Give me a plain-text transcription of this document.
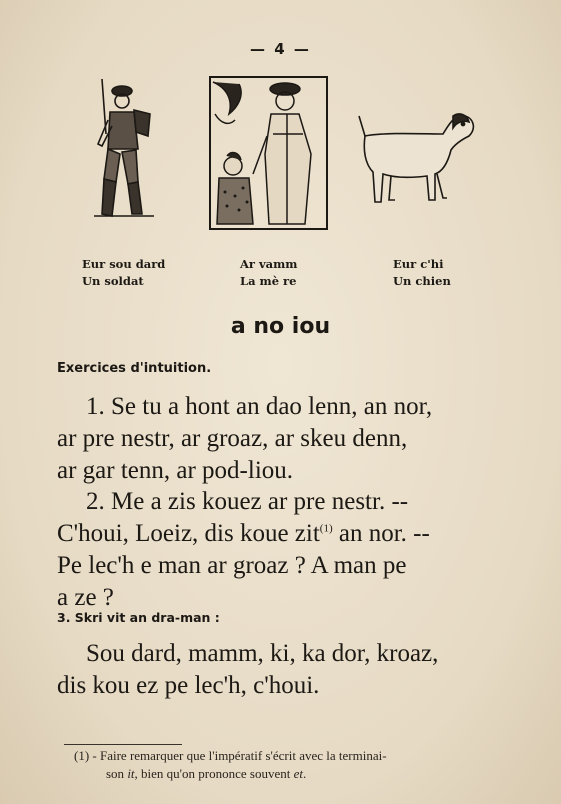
— 4 —
Eur sou dard
Un soldat
Ar vamm
La mè re
Eur c'hi
Un chien
a no iou
Exercices d'intuition.
1. Se tu a hont an dao lenn, an nor,
ar pre nestr, ar groaz, ar skeu denn,
ar gar tenn, ar pod-liou.
2. Me a zis kouez ar pre nestr. --
C'houi, Loeiz, dis koue zit$^{(1)}$ an nor. --
Pe lec'h e man ar groaz ? A man pe
a ze ?
3. Skri vit an dra-man :
Sou dard, mamm, ki, ka dor, kroaz,
dis kou ez pe lec'h, c'houi.
(1) - Faire remarquer que l'impératif s'écrit avec la terminai-
son it, bien qu'on prononce souvent et.
